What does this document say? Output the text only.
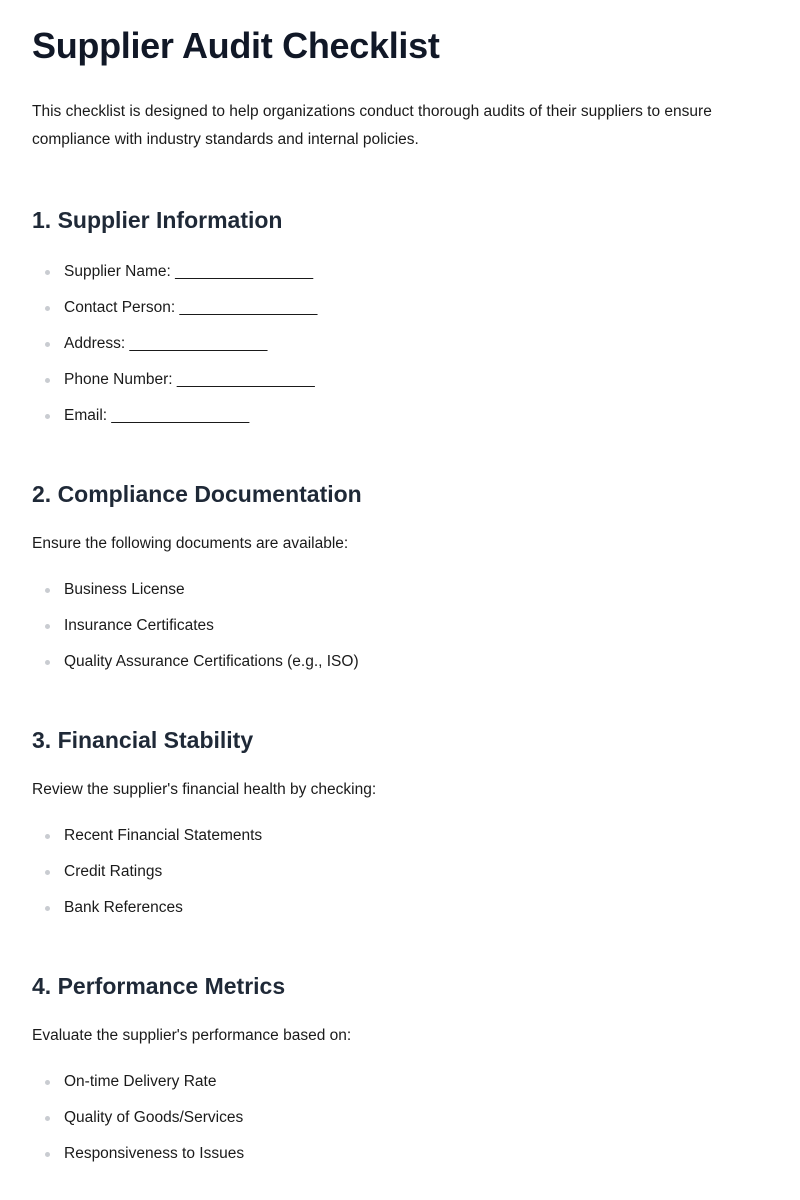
Supplier Audit Checklist

This checklist is designed to help organizations conduct thorough audits of their suppliers to ensure compliance with industry standards and internal policies.

1. Supplier Information
Supplier Name: ________________
Contact Person: ________________
Address: ________________
Phone Number: ________________
Email: ________________
2. Compliance Documentation

Ensure the following documents are available:

Business License
Insurance Certificates
Quality Assurance Certifications (e.g., ISO)
3. Financial Stability

Review the supplier's financial health by checking:

Recent Financial Statements
Credit Ratings
Bank References
4. Performance Metrics

Evaluate the supplier's performance based on:

On-time Delivery Rate
Quality of Goods/Services
Responsiveness to Issues
